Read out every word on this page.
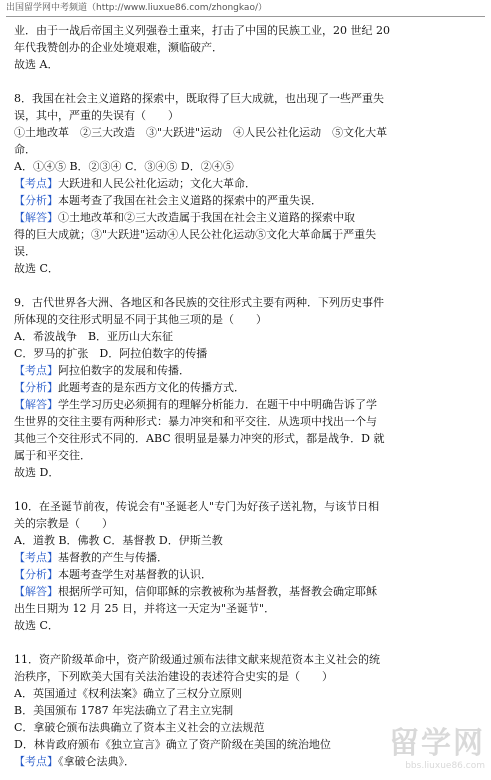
出国留学网中考频道（http://www.liuxue86.com/zhongkao/）
业．由于一战后帝国主义列强卷土重来，打击了中国的民族工业，20 世纪 20
年代我赞创办的企业处境艰难，濒临破产．
故选 A．
8．我国在社会主义道路的探索中，既取得了巨大成就，也出现了一些严重失
误，其中，严重的失误有（　　）
①土地改革　②三大改造　③"大跃进"运动　④人民公社化运动　⑤文化大革
命．
A．①④⑤ B．②③④ C．③④⑤ D．②④⑤
【考点】大跃进和人民公社化运动；文化大革命．
【分析】本题考查了我国在社会主义道路的探索中的严重失误．
【解答】①土地改革和②三大改造属于我国在社会主义道路的探索中取
得的巨大成就；③"大跃进"运动④人民公社化运动⑤文化大革命属于严重失
误．
故选 C．
9．古代世界各大洲、各地区和各民族的交往形式主要有两种．下列历史事件
所体现的交往形式明显不同于其他三项的是（　　）
A．希波战争　B．亚历山大东征
C．罗马的扩张　D．阿拉伯数字的传播
【考点】阿拉伯数字的发展和传播．
【分析】此题考查的是东西方文化的传播方式．
【解答】学生学习历史必须拥有的理解分析能力．在题干中中明确告诉了学
生世界的交往主要有两种形式：暴力冲突和和平交往．从选项中找出一个与
其他三个交往形式不同的．ABC 很明显是暴力冲突的形式，都是战争．D 就
属于和平交往．
故选 D．
10．在圣诞节前夜，传说会有"圣诞老人"专门为好孩子送礼物，与该节日相
关的宗教是（　　）
A．道教 B．佛教 C．基督教 D．伊斯兰教
【考点】基督教的产生与传播．
【分析】本题考查学生对基督教的认识．
【解答】根据所学可知，信仰耶稣的宗教被称为基督教，基督教会确定耶稣
出生日期为 12 月 25 日，并将这一天定为"圣诞节"．
故选 C．
11．资产阶级革命中，资产阶级通过颁布法律文献来规范资本主义社会的统
治秩序，下列欧美大国有关法治建设的表述符合史实的是（　　）
A．英国通过《权利法案》确立了三权分立原则
B．美国颁布 1787 年宪法确立了君主立宪制
C．拿破仑颁布法典确立了资本主义社会的立法规范
D．林肯政府颁布《独立宣言》确立了资产阶级在美国的统治地位
【考点】《拿破仑法典》．
留学网
bbs.liuxue86.com
